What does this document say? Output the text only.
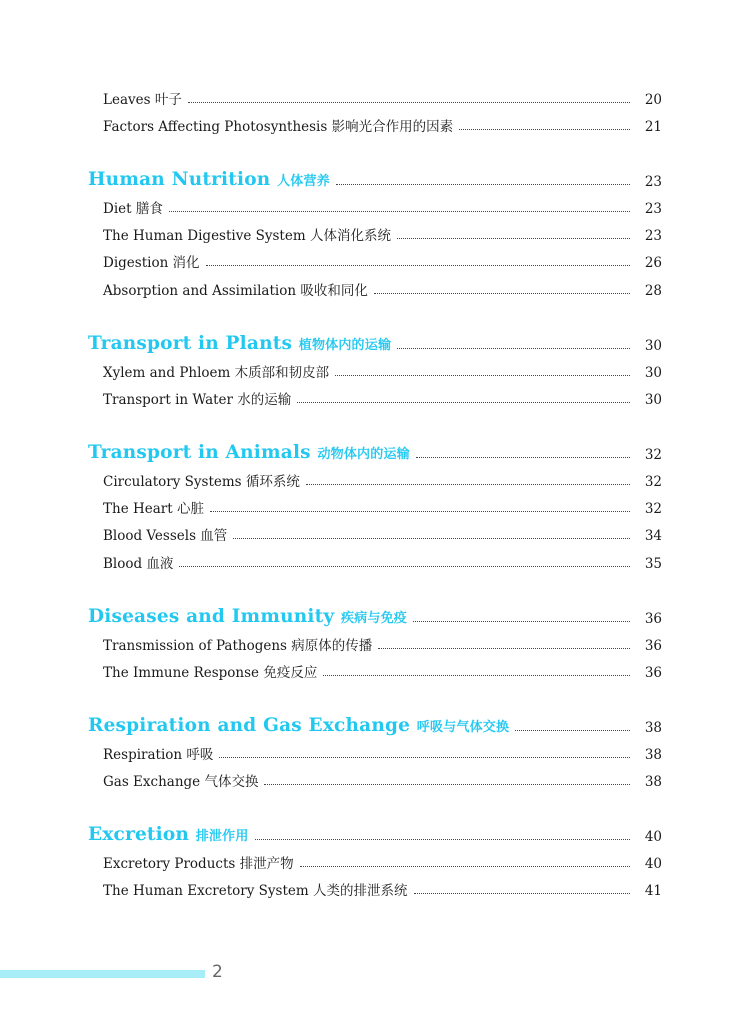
Leaves 叶子	20
Factors Affecting Photosynthesis 影响光合作用的因素	21
Human Nutrition 人体营养	23
Diet 膳食	23
The Human Digestive System 人体消化系统	23
Digestion 消化	26
Absorption and Assimilation 吸收和同化	28
Transport in Plants 植物体内的运输	30
Xylem and Phloem 木质部和韧皮部	30
Transport in Water 水的运输	30
Transport in Animals 动物体内的运输	32
Circulatory Systems 循环系统	32
The Heart 心脏	32
Blood Vessels 血管	34
Blood 血液	35
Diseases and Immunity 疾病与免疫	36
Transmission of Pathogens 病原体的传播	36
The Immune Response 免疫反应	36
Respiration and Gas Exchange 呼吸与气体交换	38
Respiration 呼吸	38
Gas Exchange 气体交换	38
Excretion 排泄作用	40
Excretory Products 排泄产物	40
The Human Excretory System 人类的排泄系统	41
2
